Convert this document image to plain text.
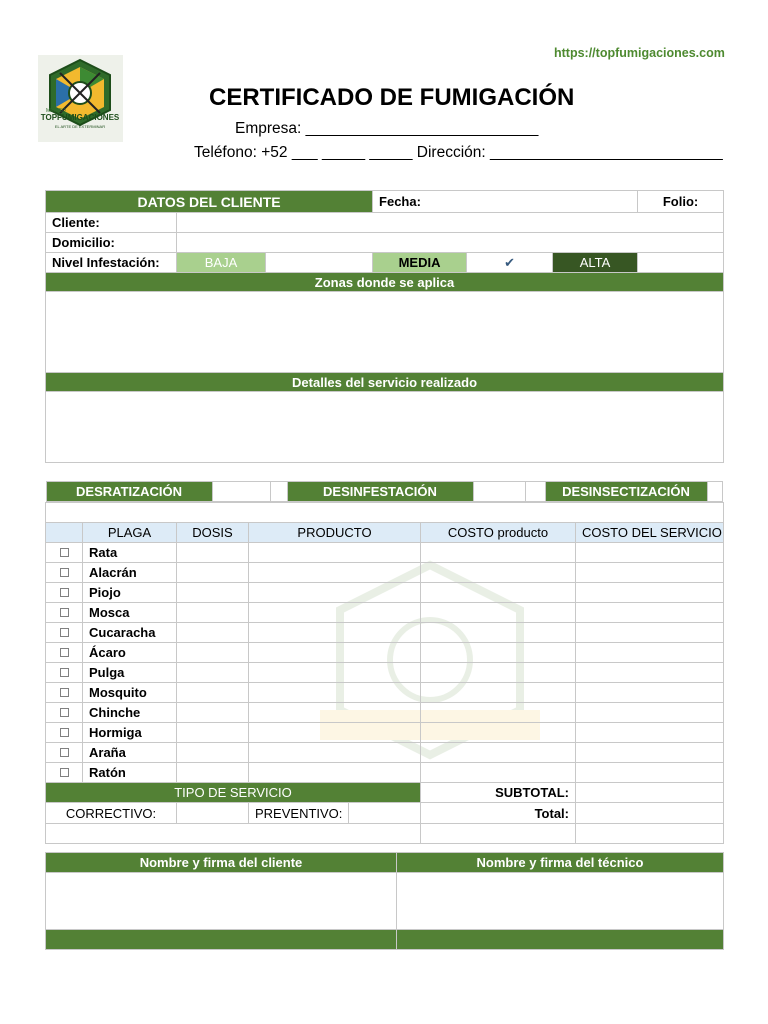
https://topfumigaciones.com
MÉXICO
TOPFUMIGACIONES
EL ARTE DE EXTERMINAR
CERTIFICADO DE FUMIGACIÓN
Empresa: ___________________________
Teléfono: +52 ___ _____ _____ Dirección: ___________________________
DATOS DEL CLIENTE			Fecha:			Folio:
Cliente:						
Domicilio:						
Nivel Infestación:	BAJA		MEDIA	✔	ALTA	
Zonas donde se aplica						

Detalles del servicio realizado						

DESRATIZACIÓN			DESINFESTACIÓN			DESINSECTIZACIÓN	

	PLAGA	DOSIS	PRODUCTO	COSTO producto	COSTO DEL SERVICIO
	Rata				
	Alacrán				
	Piojo				
	Mosca				
	Cucaracha				
	Ácaro				
	Pulga				
	Mosquito				
	Chinche				
	Hormiga				
	Araña				
	Ratón				
TIPO DE SERVICIO	SUBTOTAL:	
CORRECTIVO:			PREVENTIVO:	
		Total:	

Nombre y firma del cliente	Nombre y firma del técnico
